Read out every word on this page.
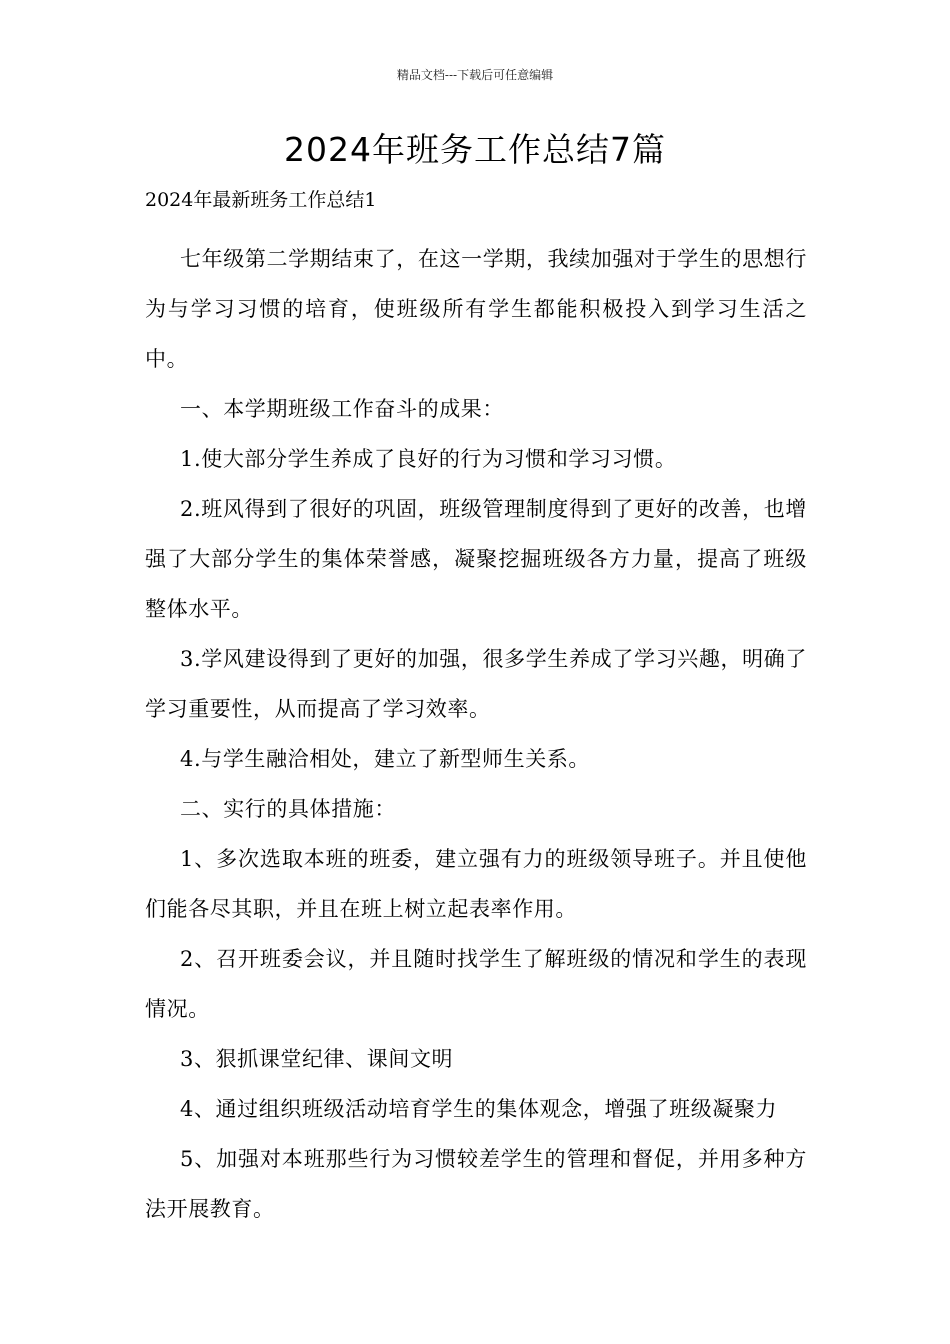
精品文档---下载后可任意编辑
2024年班务工作总结7篇
2024年最新班务工作总结1

七年级第二学期结束了，在这一学期，我续加强对于学生的思想行为与学习习惯的培育，使班级所有学生都能积极投入到学习生活之中。

一、本学期班级工作奋斗的成果：

1.使大部分学生养成了良好的行为习惯和学习习惯。

2.班风得到了很好的巩固，班级管理制度得到了更好的改善，也增强了大部分学生的集体荣誉感，凝聚挖掘班级各方力量，提高了班级整体水平。

3.学风建设得到了更好的加强，很多学生养成了学习兴趣，明确了学习重要性，从而提高了学习效率。

4.与学生融洽相处，建立了新型师生关系。

二、实行的具体措施：

1、多次选取本班的班委，建立强有力的班级领导班子。并且使他们能各尽其职，并且在班上树立起表率作用。

2、召开班委会议，并且随时找学生了解班级的情况和学生的表现情况。

3、狠抓课堂纪律、课间文明

4、通过组织班级活动培育学生的集体观念，增强了班级凝聚力

5、加强对本班那些行为习惯较差学生的管理和督促，并用多种方法开展教育。
